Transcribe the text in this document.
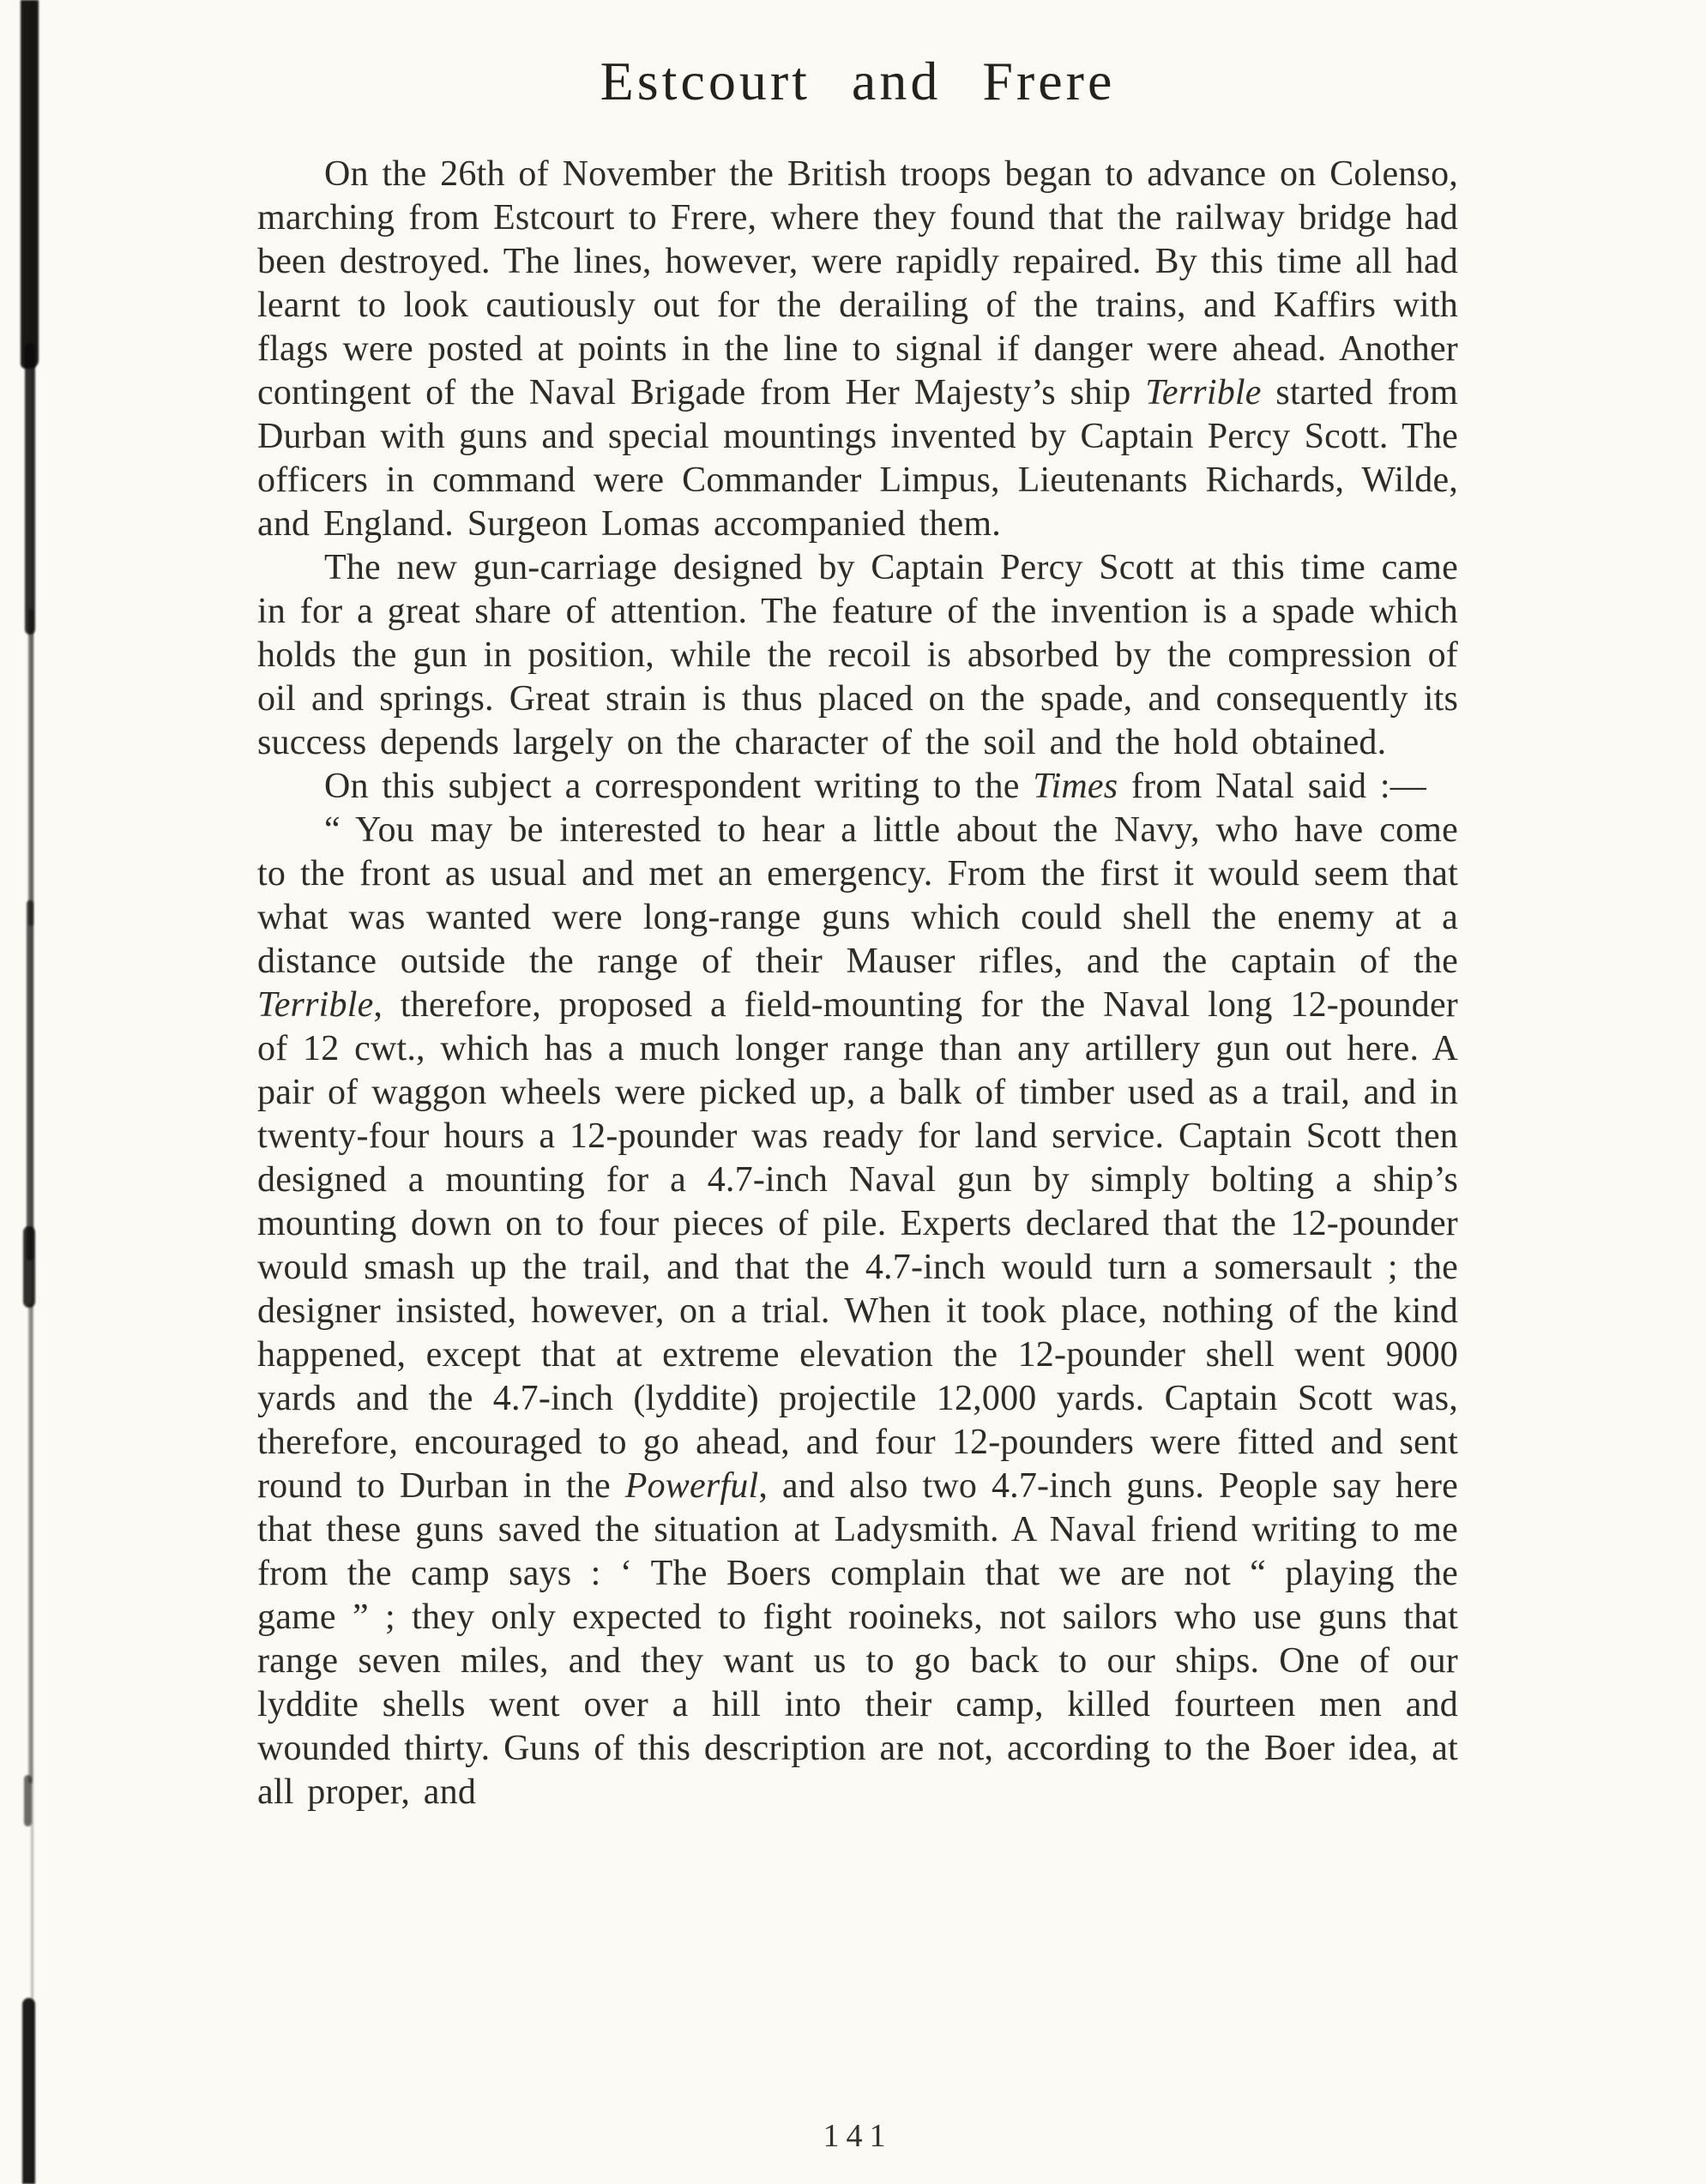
Estcourt and Frere

On the 26th of November the British troops began to advance on Colenso, marching from Estcourt to Frere, where they found that the railway bridge had been destroyed. The lines, however, were rapidly repaired. By this time all had learnt to look cautiously out for the derailing of the trains, and Kaffirs with flags were posted at points in the line to signal if danger were ahead. Another contingent of the Naval Brigade from Her Majesty’s ship Terrible started from Durban with guns and special mountings invented by Captain Percy Scott. The officers in command were Commander Limpus, Lieutenants Richards, Wilde, and England. Surgeon Lomas accompanied them.

The new gun-carriage designed by Captain Percy Scott at this time came in for a great share of attention. The feature of the invention is a spade which holds the gun in position, while the recoil is absorbed by the compression of oil and springs. Great strain is thus placed on the spade, and consequently its success depends largely on the character of the soil and the hold obtained.

On this subject a correspondent writing to the Times from Natal said :—

“ You may be interested to hear a little about the Navy, who have come to the front as usual and met an emergency. From the first it would seem that what was wanted were long-range guns which could shell the enemy at a distance outside the range of their Mauser rifles, and the captain of the Terrible, therefore, proposed a field-mounting for the Naval long 12-pounder of 12 cwt., which has a much longer range than any artillery gun out here. A pair of waggon wheels were picked up, a balk of timber used as a trail, and in twenty-four hours a 12-pounder was ready for land service. Captain Scott then designed a mounting for a 4.7-inch Naval gun by simply bolting a ship’s mounting down on to four pieces of pile. Experts declared that the 12-pounder would smash up the trail, and that the 4.7-inch would turn a somersault ; the designer insisted, however, on a trial. When it took place, nothing of the kind happened, except that at extreme elevation the 12-pounder shell went 9000 yards and the 4.7-inch (lyddite) projectile 12,000 yards. Captain Scott was, therefore, encouraged to go ahead, and four 12-pounders were fitted and sent round to Durban in the Powerful, and also two 4.7-inch guns. People say here that these guns saved the situation at Ladysmith. A Naval friend writing to me from the camp says : ‘ The Boers complain that we are not “ playing the game ” ; they only expected to fight rooineks, not sailors who use guns that range seven miles, and they want us to go back to our ships. One of our lyddite shells went over a hill into their camp, killed fourteen men and wounded thirty. Guns of this description are not, according to the Boer idea, at all proper, and

141
